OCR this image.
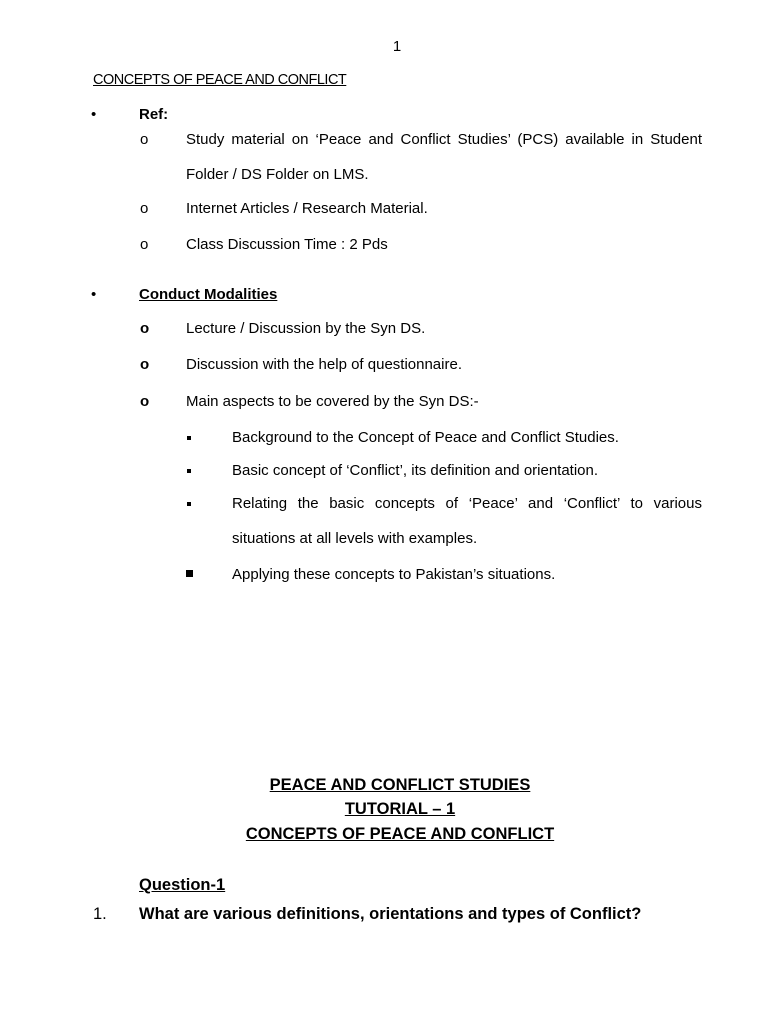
1
CONCEPTS OF PEACE AND CONFLICT
•	Ref:
o	Study material on ‘Peace and Conflict Studies’ (PCS) available in Student
Folder / DS Folder on LMS.
o	Internet Articles / Research Material.
o	Class Discussion Time : 2 Pds
•	Conduct Modalities
o Lecture / Discussion by the Syn DS.
o Discussion with the help of questionnaire.
o Main aspects to be covered by the Syn DS:-
Background to the Concept of Peace and Conflict Studies.
Basic concept of ‘Conflict’, its definition and orientation.
Relating the basic concepts of ‘Peace’ and ‘Conflict’ to various
situations at all levels with examples.
Applying these concepts to Pakistan’s situations.
PEACE AND CONFLICT STUDIES
TUTORIAL – 1
CONCEPTS OF PEACE AND CONFLICT
Question-1
1. What are various definitions, orientations and types of Conflict?
